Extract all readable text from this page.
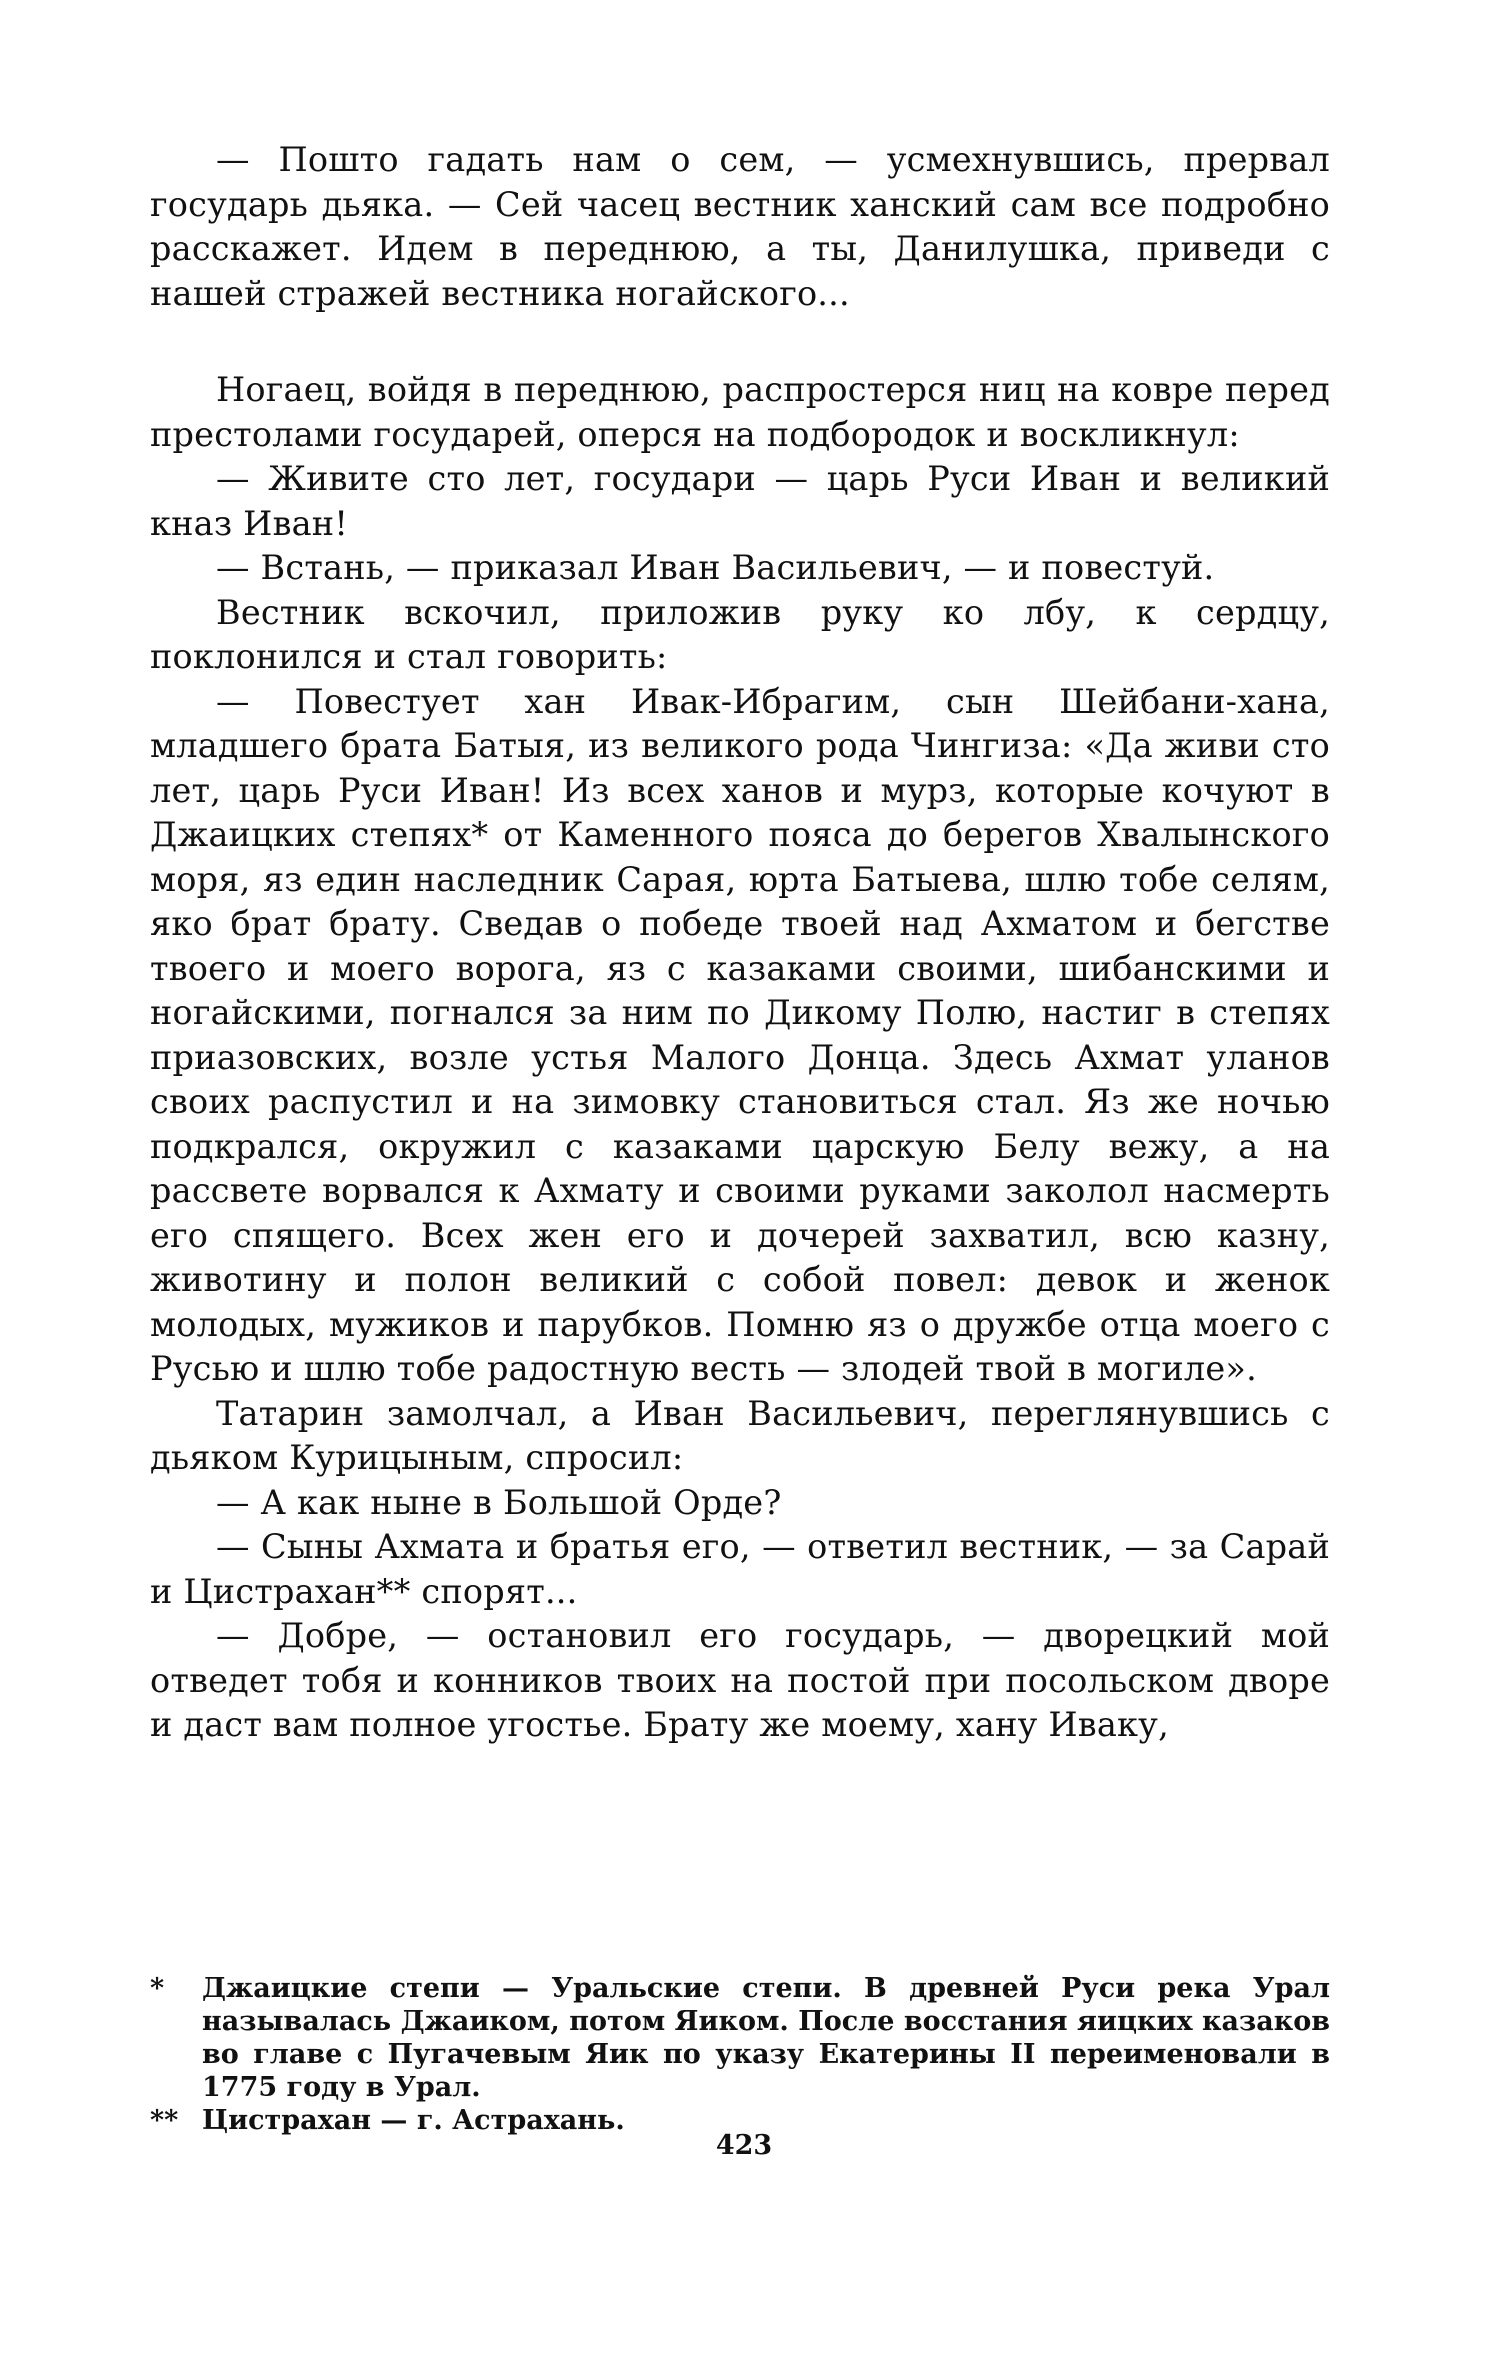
— Пошто гадать нам о сем, — усмехнувшись, прервал государь дьяка. — Сей часец вестник ханский сам все подробно расскажет. Идем в переднюю, а ты, Данилушка, приведи с нашей стражей вестника ногайского...

Ногаец, войдя в переднюю, распростерся ниц на ковре перед престолами государей, оперся на подбородок и воскликнул:

— Живите сто лет, государи — царь Руси Иван и великий кназ Иван!

— Встань, — приказал Иван Васильевич, — и повестуй.

Вестник вскочил, приложив руку ко лбу, к сердцу, поклонился и стал говорить:

— Повестует хан Ивак-Ибрагим, сын Шейбани-хана, младшего брата Батыя, из великого рода Чингиза: «Да живи сто лет, царь Руси Иван! Из всех ханов и мурз, которые кочуют в Джаицких степях* от Каменного пояса до берегов Хвалынского моря, яз един наследник Сарая, юрта Батыева, шлю тобе селям, яко брат брату. Сведав о победе твоей над Ахматом и бегстве твоего и моего ворога, яз с казаками своими, шибанскими и ногайскими, погнался за ним по Дикому Полю, настиг в степях приазовских, возле устья Малого Донца. Здесь Ахмат уланов своих распустил и на зимовку становиться стал. Яз же ночью подкрался, окружил с казаками царскую Белу вежу, а на рассвете ворвался к Ахмату и своими руками заколол насмерть его спящего. Всех жен его и дочерей захватил, всю казну, животину и полон великий с собой повел: девок и женок молодых, мужиков и парубков. Помню яз о дружбе отца моего с Русью и шлю тобе радостную весть — злодей твой в могиле».

Татарин замолчал, а Иван Васильевич, переглянувшись с дьяком Курицыным, спросил:

— А как ныне в Большой Орде?

— Сыны Ахмата и братья его, — ответил вестник, — за Сарай и Цистрахан** спорят...

— Добре, — остановил его государь, — дворецкий мой отведет тобя и конников твоих на постой при посольском дворе и даст вам полное угостье. Брату же моему, хану Иваку,

* Джаицкие степи — Уральские степи. В древней Руси река Урал называлась Джаиком, потом Яиком. После восстания яицких казаков во главе с Пугачевым Яик по указу Екатерины II переименовали в 1775 году в Урал.

** Цистрахан — г. Астрахань.

423
